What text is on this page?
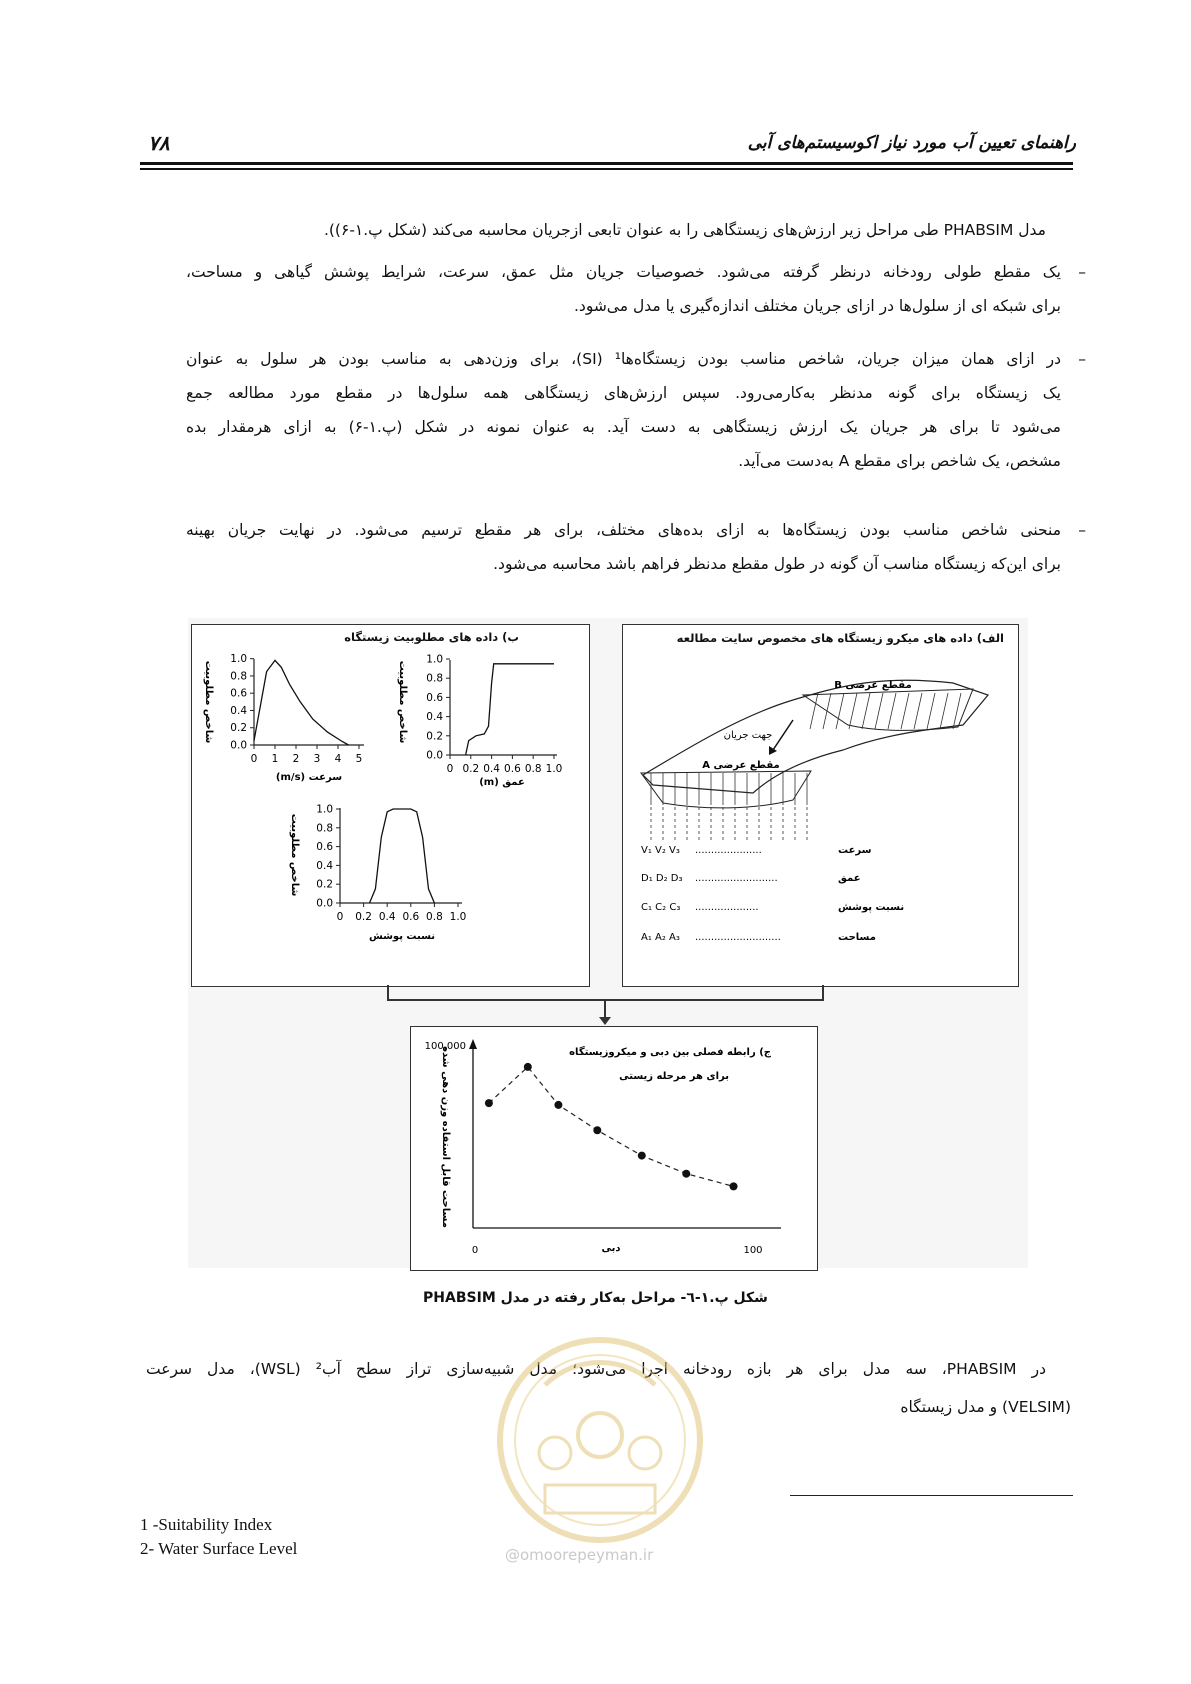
راهنمای تعیین آب مورد نیاز اکوسیستم‌های آبی
۷۸
مدل PHABSIM طی مراحل زیر ارزش‌های زیستگاهی را به عنوان تابعی ازجریان محاسبه می‌کند (شکل پ.۱-۶)).
–
یک مقطع طولی رودخانه درنظر گرفته می‌شود. خصوصیات جریان مثل عمق، سرعت، شرایط پوشش گیاهی و مساحت،
برای شبکه ای از سلول‌ها در ازای جریان مختلف اندازه‌گیری یا مدل می‌شود.
–
در ازای همان میزان جریان، شاخص مناسب بودن زیستگاه‌ها¹ (SI)، برای وزن‌دهی به مناسب بودن هر سلول به عنوان
یک زیستگاه برای گونه مدنظر به‌کارمی‌رود. سپس ارزش‌های زیستگاهی همه سلول‌ها در مقطع مورد مطالعه جمع
می‌شود تا برای هر جریان یک ارزش زیستگاهی به دست آید. به عنوان نمونه در شکل (پ.۱-۶) به ازای هرمقدار بده
مشخص، یک شاخص برای مقطع A به‌دست می‌آید.
–
منحنی شاخص مناسب بودن زیستگاه‌ها به ازای بده‌های مختلف، برای هر مقطع ترسیم می‌شود. در نهایت جریان بهینه
برای این‌که زیستگاه مناسب آن گونه در طول مقطع مدنظر فراهم باشد محاسبه می‌شود.
ب) داده های مطلوبیت زیستگاه
1.0
0.8
0.6
0.4
0.2
0.0
0 1 2 3 4 5
شاخص مطلوبیت
سرعت (m/s)
1.0
0.8
0.6
0.4
0.2
0.0
0 0.2 0.4 0.6 0.8 1.0
شاخص مطلوبیت
عمق (m)
1.0
0.8
0.6
0.4
0.2
0.0
0 0.2 0.4 0.6 0.8 1.0
شاخص مطلوبیت
نسبت پوشش
الف) داده های میکرو زیستگاه های مخصوص سایت مطالعه
مقطع عرضی B
مقطع عرضی A
جهت جریان
V₁ V₂ V₃ .....................	سرعت
D₁ D₂ D₃ ..........................	عمق
C₁ C₂ C₃ ....................	نسبت پوشش
A₁ A₂ A₃ ...........................	مساحت
100,000
0	100
دبی
مساحت قابل استفاده وزن دهی شده	ج) رابطه فصلی بین دبی و میکروزیستگاه
برای هر مرحله زیستی
شکل پ.۱-٦- مراحل به‌کار رفته در مدل PHABSIM
در PHABSIM، سه مدل برای هر بازه رودخانه اجرا می‌شود؛ مدل شبیه‌سازی تراز سطح آب² (WSL)، مدل سرعت
(VELSIM) و مدل زیستگاه
@omoorepeyman.ir
1 -Suitability Index
2- Water Surface Level
